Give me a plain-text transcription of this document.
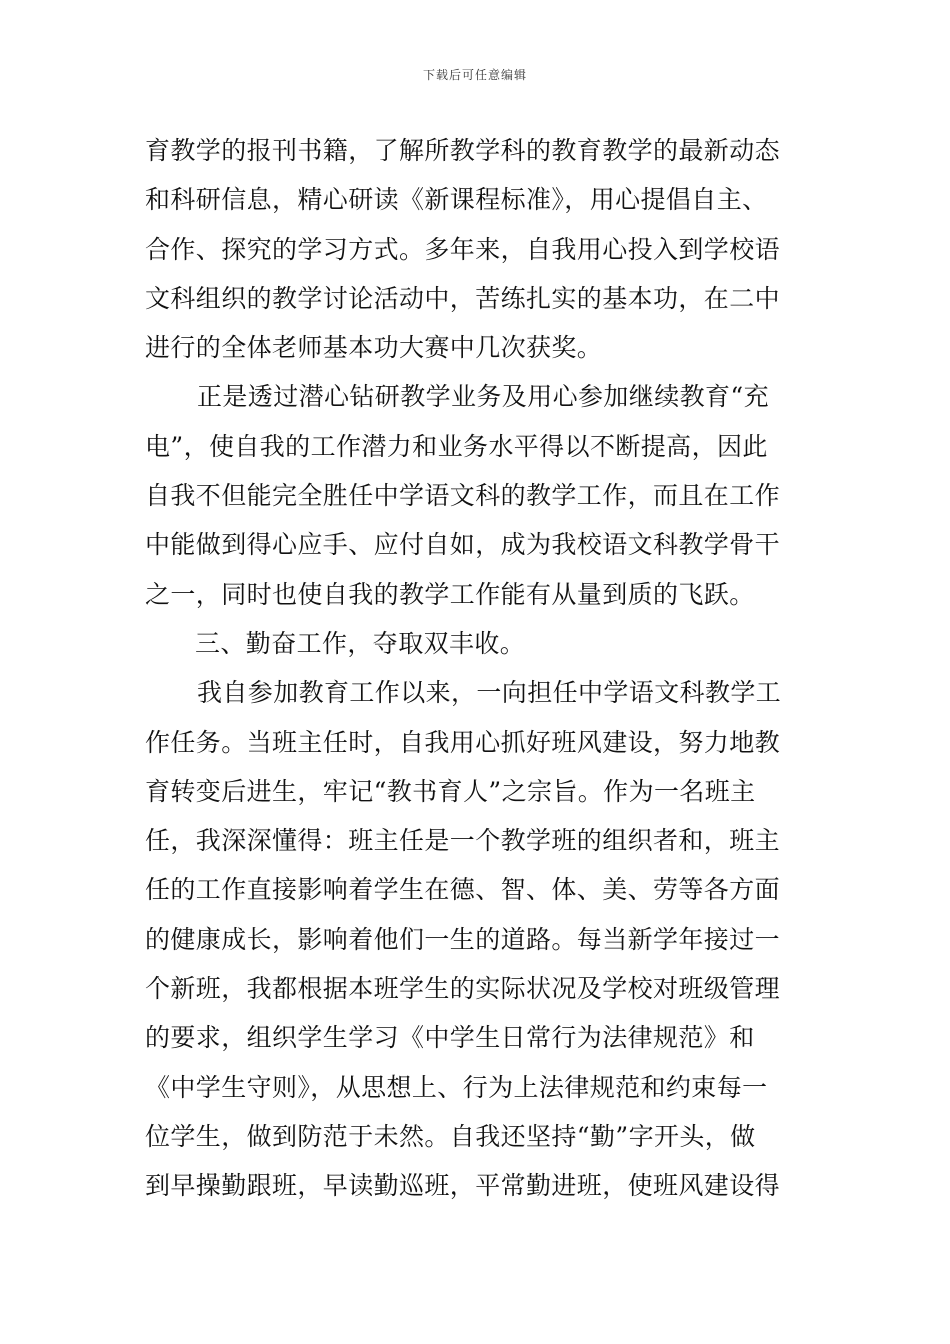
下载后可任意编辑
育教学的报刊书籍，了解所教学科的教育教学的最新动态
和科研信息，精心研读《新课程标准》，用心提倡自主、
合作、探究的学习方式。多年来，自我用心投入到学校语
文科组织的教学讨论活动中，苦练扎实的基本功，在二中
进行的全体老师基本功大赛中几次获奖。
正是透过潜心钻研教学业务及用心参加继续教育“充
电”，使自我的工作潜力和业务水平得以不断提高，因此
自我不但能完全胜任中学语文科的教学工作，而且在工作
中能做到得心应手、应付自如，成为我校语文科教学骨干
之一，同时也使自我的教学工作能有从量到质的飞跃。
三、勤奋工作，夺取双丰收。
我自参加教育工作以来，一向担任中学语文科教学工
作任务。当班主任时，自我用心抓好班风建设，努力地教
育转变后进生，牢记“教书育人”之宗旨。作为一名班主
任，我深深懂得：班主任是一个教学班的组织者和，班主
任的工作直接影响着学生在德、智、体、美、劳等各方面
的健康成长，影响着他们一生的道路。每当新学年接过一
个新班，我都根据本班学生的实际状况及学校对班级管理
的要求，组织学生学习《中学生日常行为法律规范》和
《中学生守则》，从思想上、行为上法律规范和约束每一
位学生，做到防范于未然。自我还坚持“勤”字开头，做
到早操勤跟班，早读勤巡班，平常勤进班，使班风建设得
